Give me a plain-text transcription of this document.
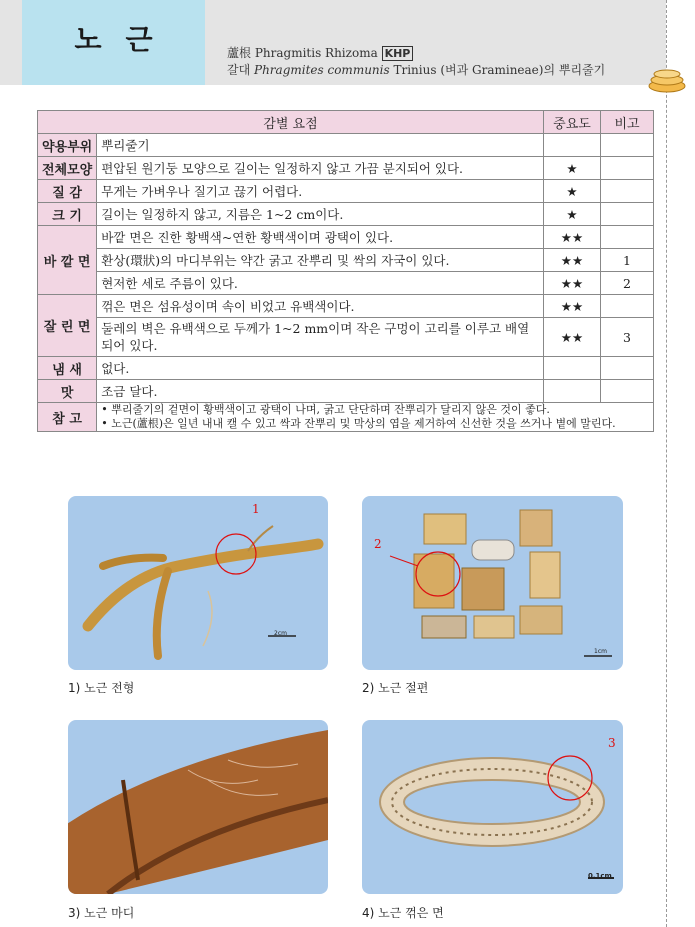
노근	蘆根 Phragmitis Rhizoma KHP
갈대 Phragmites communis Trinius (벼과 Gramineae)의 뿌리줄기
감별 요점		중요도	비고
약용부위	뿌리줄기		
전체모양	편압된 원기둥 모양으로 길이는 일정하지 않고 가끔 분지되어 있다.	★	
질 감	무게는 가벼우나 질기고 끊기 어렵다.	★	
크 기	길이는 일정하지 않고, 지름은 1~2 cm이다.	★	
바 깥 면	바깥 면은 진한 황백색~연한 황백색이며 광택이 있다.	★★	
	환상(環狀)의 마디부위는 약간 굵고 잔뿌리 및 싹의 자국이 있다.	★★	1
	현저한 세로 주름이 있다.	★★	2
잘 린 면	꺾은 면은 섬유성이며 속이 비었고 유백색이다.	★★	
	둘레의 벽은 유백색으로 두께가 1~2 mm이며 작은 구멍이 고리를 이루고 배열되어 있다.	★★	3
냄 새	없다.		
맛	조금 달다.		
참 고	• 뿌리줄기의 겉면이 황백색이고 광택이 나며, 굵고 단단하며 잔뿌리가 달리지 않은 것이 좋다.
• 노근(蘆根)은 일년 내내 캘 수 있고 싹과 잔뿌리 및 막상의 엽을 제거하여 신선한 것을 쓰거나 볕에 말린다.		
1
2cm
1) 노근 전형
2
1cm
2) 노근 절편
3) 노근 마디
3
0.1cm
4) 노근 꺾은 면
